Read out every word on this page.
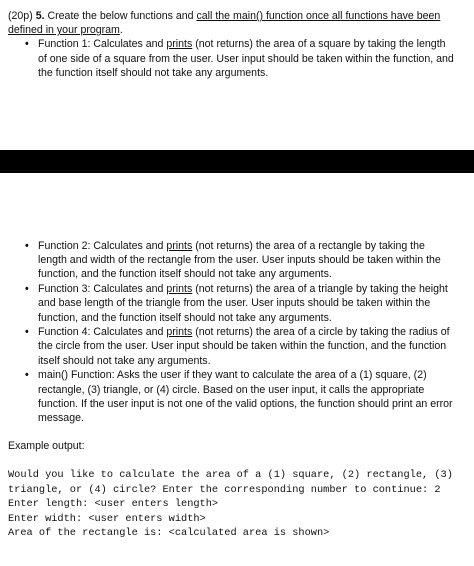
(20p) 5. Create the below functions and call the main() function once all functions have been defined in your program.

• Function 1: Calculates and prints (not returns) the area of a square by taking the length of one side of a square from the user. User input should be taken within the function, and the function itself should not take any arguments.
• Function 2: Calculates and prints (not returns) the area of a rectangle by taking the length and width of the rectangle from the user. User inputs should be taken within the function, and the function itself should not take any arguments.
• Function 3: Calculates and prints (not returns) the area of a triangle by taking the height and base length of the triangle from the user. User inputs should be taken within the function, and the function itself should not take any arguments.
• Function 4: Calculates and prints (not returns) the area of a circle by taking the radius of the circle from the user. User input should be taken within the function, and the function itself should not take any arguments.
• main() Function: Asks the user if they want to calculate the area of a (1) square, (2) rectangle, (3) triangle, or (4) circle. Based on the user input, it calls the appropriate function. If the user input is not one of the valid options, the function should print an error message.
Example output:
Would you like to calculate the area of a (1) square, (2) rectangle, (3)
triangle, or (4) circle? Enter the corresponding number to continue: 2
Enter length: <user enters length>
Enter width: <user enters width>
Area of the rectangle is: <calculated area is shown>
